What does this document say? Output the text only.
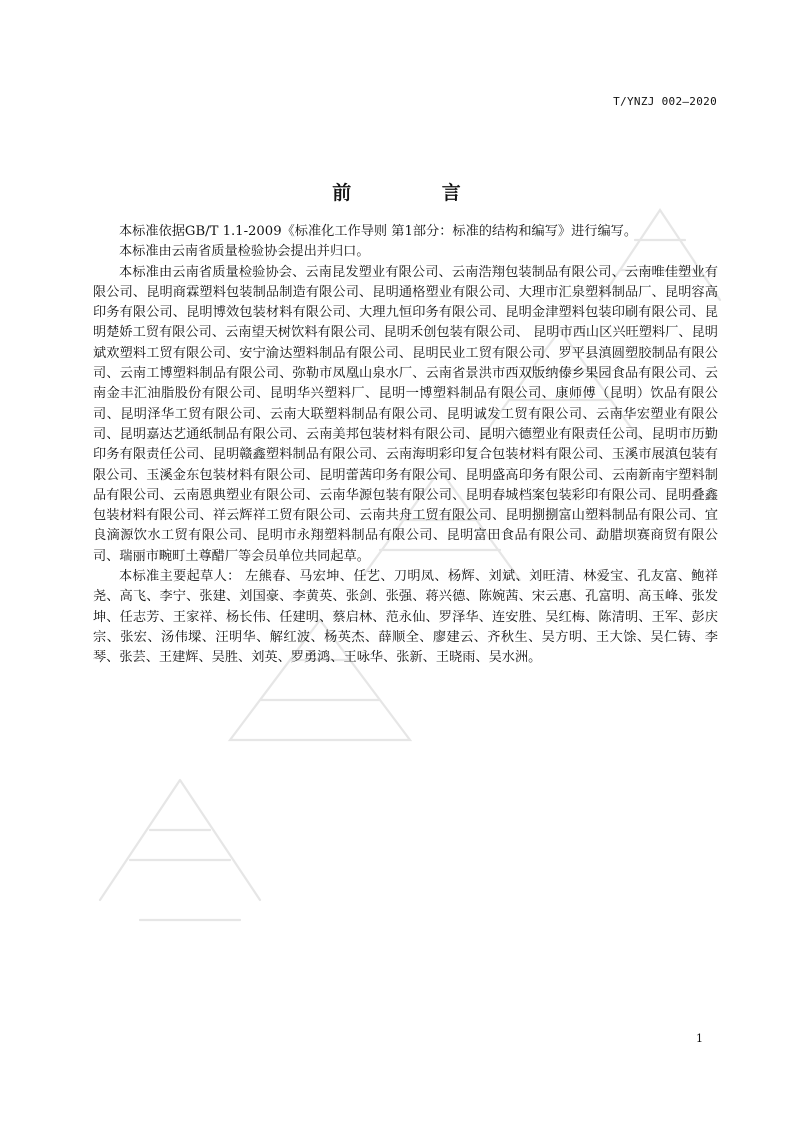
T/YNZJ 002—2020
前 言

本标准依据GB/T 1.1-2009《标准化工作导则 第1部分：标准的结构和编写》进行编写。

本标准由云南省质量检验协会提出并归口。

本标准由云南省质量检验协会、云南昆发塑业有限公司、云南浩翔包装制品有限公司、云南唯佳塑业有限公司、昆明商霖塑料包装制品制造有限公司、昆明通格塑业有限公司、大理市汇泉塑料制品厂、昆明容高印务有限公司、昆明博效包装材料有限公司、大理九恒印务有限公司、昆明金津塑料包装印刷有限公司、昆明楚娇工贸有限公司、云南望天树饮料有限公司、昆明禾创包装有限公司、 昆明市西山区兴旺塑料厂、昆明斌欢塑料工贸有限公司、安宁渝达塑料制品有限公司、昆明民业工贸有限公司、罗平县滇圆塑胶制品有限公司、云南工博塑料制品有限公司、弥勒市凤凰山泉水厂、云南省景洪市西双版纳傣乡果园食品有限公司、云南金丰汇油脂股份有限公司、昆明华兴塑料厂、昆明一博塑料制品有限公司、康师傅（昆明）饮品有限公司、昆明泽华工贸有限公司、云南大联塑料制品有限公司、昆明诚发工贸有限公司、云南华宏塑业有限公司、昆明嘉达艺通纸制品有限公司、云南美邦包装材料有限公司、昆明六德塑业有限责任公司、昆明市历勤印务有限责任公司、昆明赣鑫塑料制品有限公司、云南海明彩印复合包装材料有限公司、玉溪市展滇包装有限公司、玉溪金东包装材料有限公司、昆明蕾茜印务有限公司、昆明盛高印务有限公司、云南新南宇塑料制品有限公司、云南恩典塑业有限公司、云南华源包装有限公司、昆明春城档案包装彩印有限公司、昆明叠鑫包装材料有限公司、祥云辉祥工贸有限公司、云南共舟工贸有限公司、昆明捌捌富山塑料制品有限公司、宜良滴源饮水工贸有限公司、昆明市永翔塑料制品有限公司、昆明富田食品有限公司、勐腊坝赛商贸有限公司、瑞丽市畹町土尊醋厂等会员单位共同起草。

本标准主要起草人： 左熊春、马宏坤、任艺、刀明凤、杨辉、刘斌、刘旺清、林爱宝、孔友富、鲍祥尧、高飞、李宁、张建、刘国豪、李黄英、张剑、张强、蒋兴德、陈婉茜、宋云惠、孔富明、高玉峰、张发坤、任志芳、王家祥、杨长伟、任建明、蔡启林、范永仙、罗泽华、连安胜、吴红梅、陈清明、王军、彭庆宗、张宏、汤伟墚、汪明华、解红波、杨英杰、薛顺全、廖建云、齐秋生、吴方明、王大馀、吴仁铸、李琴、张芸、王建辉、吴胜、刘英、罗勇鸿、王咏华、张新、王晓雨、吴水洲。

1
